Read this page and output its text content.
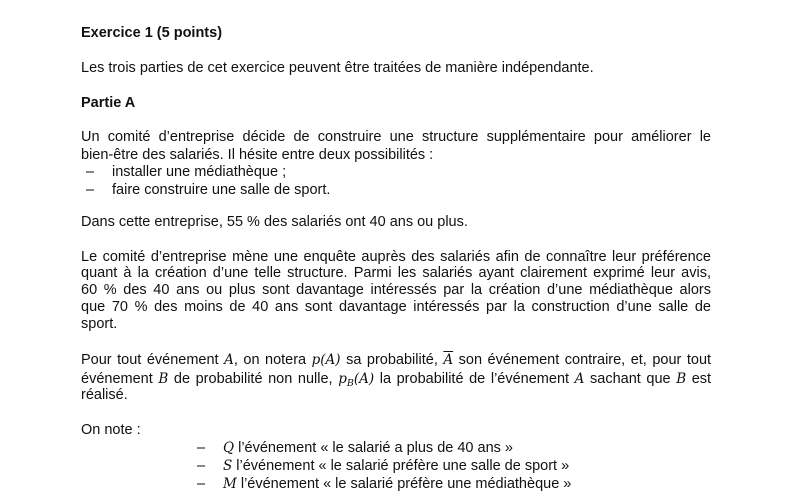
Exercice 1 (5 points)
Les trois parties de cet exercice peuvent être traitées de manière indépendante.
Partie A
Un comité d’entreprise décide de construire une structure supplémentaire pour améliorer le
bien-être des salariés. Il hésite entre deux possibilités :
– installer une médiathèque ;
– faire construire une salle de sport.
Dans cette entreprise, 55 % des salariés ont 40 ans ou plus.
Le comité d’entreprise mène une enquête auprès des salariés afin de connaître leur préférence
quant à la création d’une telle structure. Parmi les salariés ayant clairement exprimé leur avis,
60 % des 40 ans ou plus sont davantage intéressés par la création d’une médiathèque alors
que 70 % des moins de 40 ans sont davantage intéressés par la construction d’une salle de
sport.
Pour tout événement A, on notera p(A) sa probabilité, $\overline{A}$ son événement contraire, et, pour tout
événement B de probabilité non nulle, $p_B(A)$ la probabilité de l’événement A sachant que B est
réalisé.
On note :
– Q l’événement « le salarié a plus de 40 ans »
– S l’événement « le salarié préfère une salle de sport »
– M l’événement « le salarié préfère une médiathèque »
